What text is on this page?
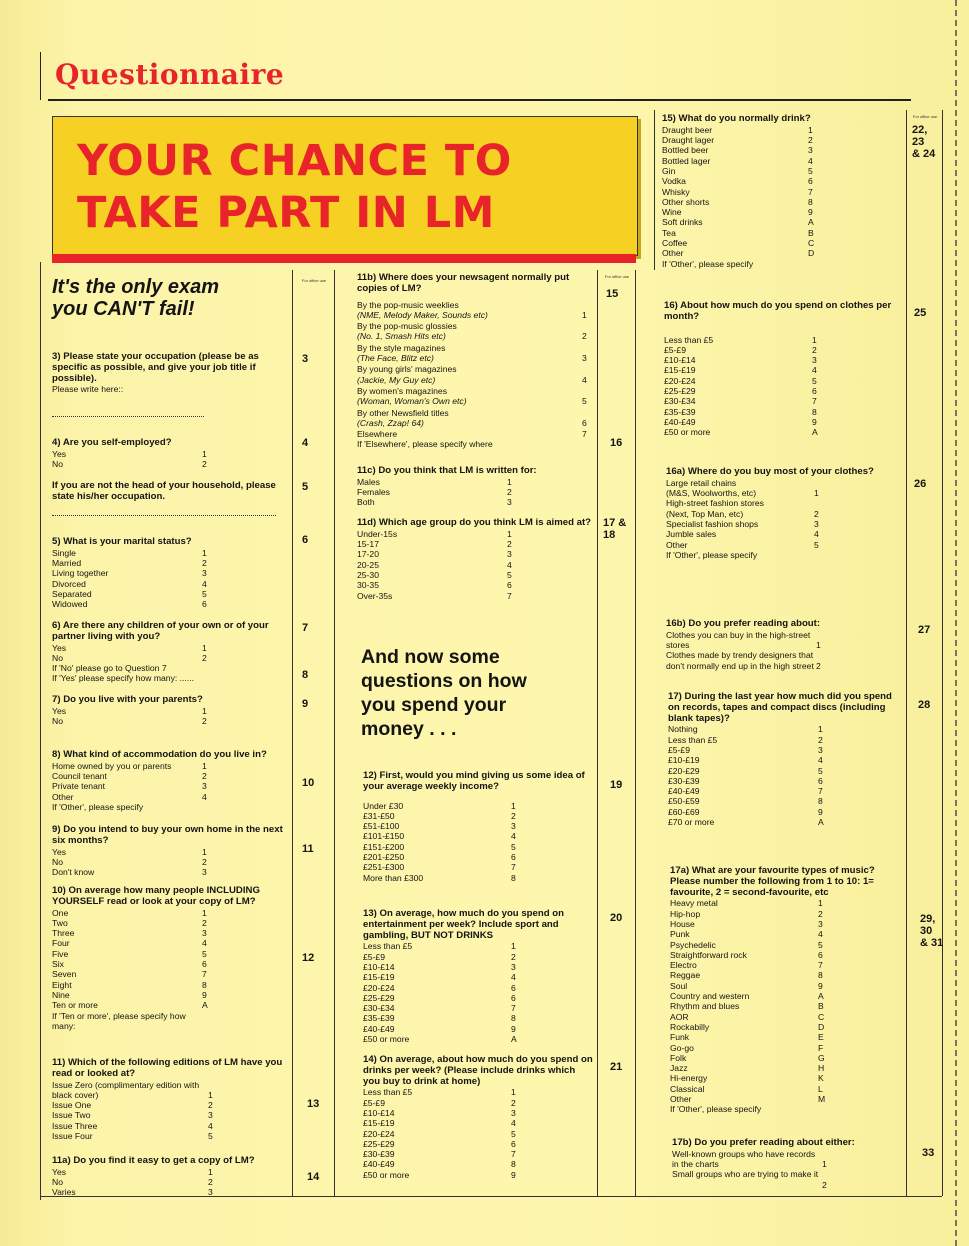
Questionnaire
YOUR CHANCE TO
TAKE PART IN LM
For office use
For office use
For office use
3
4
5
6
7
8
9
10
11
12
13
14
15
16
17 &
18
19
20
21
22,
23
& 24
25
26
27
28
29,
30
& 31
33
It's the only exam
you CAN'T fail!
3) Please state your occupation (please be as specific as possible, and give your job title if possible).
Please write here::
4) Are you self-employed?
Yes	1
No	2
If you are not the head of your household, please state his/her occupation.
5) What is your marital status?
Single	1
Married	2
Living together	3
Divorced	4
Separated	5
Widowed	6
6) Are there any children of your own or of your partner living with you?
Yes	1
No	2
If 'No' please go to Question 7
If 'Yes' please specify how many: ......
7) Do you live with your parents?
Yes	1
No	2
8) What kind of accommodation do you live in?
Home owned by you or parents	1
Council tenant	2
Private tenant	3
Other	4
If 'Other', please specify
9) Do you intend to buy your own home in the next six months?
Yes	1
No	2
Don't know	3
10) On average how many people INCLUDING YOURSELF read or look at your copy of LM?
One	1
Two	2
Three	3
Four	4
Five	5
Six	6
Seven	7
Eight	8
Nine	9
Ten or more	A
If 'Ten or more', please specify how
many:
11) Which of the following editions of LM have you read or looked at?
Issue Zero (complimentary edition with
black cover)	1
Issue One	2
Issue Two	3
Issue Three	4
Issue Four	5
11a) Do you find it easy to get a copy of LM?
Yes	1
No	2
Varies	3
11b) Where does your newsagent normally put copies of LM?
By the pop-music weeklies
(NME, Melody Maker, Sounds etc)	1
By the pop-music glossies
(No. 1, Smash Hits etc)	2
By the style magazines
(The Face, Blitz etc)	3
By young girls' magazines
(Jackie, My Guy etc)	4
By women's magazines
(Woman, Woman's Own etc)	5
By other Newsfield titles
(Crash, Zzap! 64)	6
Elsewhere	7
If 'Elsewhere', please specify where
11c) Do you think that LM is written for:
Males	1
Females	2
Both	3
11d) Which age group do you think LM is aimed at?
Under-15s	1
15-17	2
17-20	3
20-25	4
25-30	5
30-35	6
Over-35s	7
And now some
questions on how
you spend your
money . . .
12) First, would you mind giving us some idea of your average weekly income?
Under £30	1
£31-£50	2
£51-£100	3
£101-£150	4
£151-£200	5
£201-£250	6
£251-£300	7
More than £300	8
13) On average, how much do you spend on entertainment per week? Include sport and gambling, BUT NOT DRINKS
Less than £5	1
£5-£9	2
£10-£14	3
£15-£19	4
£20-£24	6
£25-£29	6
£30-£34	7
£35-£39	8
£40-£49	9
£50 or more	A
14) On average, about how much do you spend on drinks per week? (Please include drinks which you buy to drink at home)
Less than £5	1
£5-£9	2
£10-£14	3
£15-£19	4
£20-£24	5
£25-£29	6
£30-£39	7
£40-£49	8
£50 or more	9
15) What do you normally drink?
Draught beer	1
Draught lager	2
Bottled beer	3
Bottled lager	4
Gin	5
Vodka	6
Whisky	7
Other shorts	8
Wine	9
Soft drinks	A
Tea	B
Coffee	C
Other	D
If 'Other', please specify
16) About how much do you spend on clothes per month?
Less than £5	1
£5-£9	2
£10-£14	3
£15-£19	4
£20-£24	5
£25-£29	6
£30-£34	7
£35-£39	8
£40-£49	9
£50 or more	A
16a) Where do you buy most of your clothes?
Large retail chains
(M&S, Woolworths, etc)	1
High-street fashion stores
(Next, Top Man, etc)	2
Specialist fashion shops	3
Jumble sales	4
Other	5
If 'Other', please specify
16b) Do you prefer reading about:
Clothes you can buy in the high-street
stores	1
Clothes made by trendy designers that
don't normally end up in the high street 2
17) During the last year how much did you spend on records, tapes and compact discs (including blank tapes)?
Nothing	1
Less than £5	2
£5-£9	3
£10-£19	4
£20-£29	5
£30-£39	6
£40-£49	7
£50-£59	8
£60-£69	9
£70 or more	A
17a) What are your favourite types of music? Please number the following from 1 to 10: 1= favourite, 2 = second-favourite, etc
Heavy metal	1
Hip-hop	2
House	3
Punk	4
Psychedelic	5
Straightforward rock	6
Electro	7
Reggae	8
Soul	9
Country and western	A
Rhythm and blues	B
AOR	C
Rockabilly	D
Funk	E
Go-go	F
Folk	G
Jazz	H
Hi-energy	K
Classical	L
Other	M
If 'Other', please specify
17b) Do you prefer reading about either:
Well-known groups who have records
in the charts	1
Small groups who are trying to make it
2
